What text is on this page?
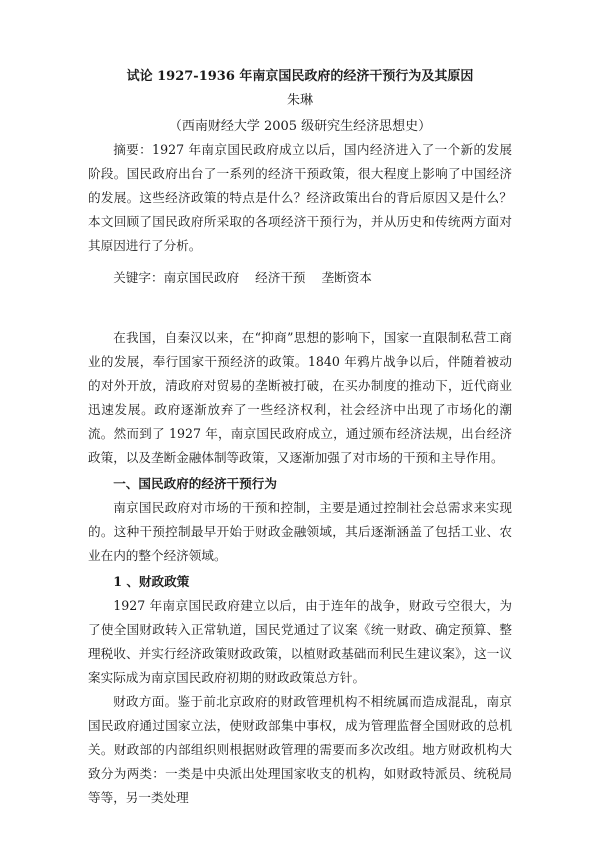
试论 1927-1936 年南京国民政府的经济干预行为及其原因
朱琳
（西南财经大学 2005 级研究生经济思想史）

摘要：1927 年南京国民政府成立以后，国内经济进入了一个新的发展阶段。国民政府出台了一系列的经济干预政策，很大程度上影响了中国经济的发展。这些经济政策的特点是什么？经济政策出台的背后原因又是什么？本文回顾了国民政府所采取的各项经济干预行为，并从历史和传统两方面对其原因进行了分析。

关键字：南京国民政府    经济干预    垄断资本

在我国，自秦汉以来，在“抑商”思想的影响下，国家一直限制私营工商业的发展，奉行国家干预经济的政策。1840 年鸦片战争以后，伴随着被动的对外开放，清政府对贸易的垄断被打破，在买办制度的推动下，近代商业迅速发展。政府逐渐放弃了一些经济权利，社会经济中出现了市场化的潮流。然而到了 1927 年，南京国民政府成立，通过颁布经济法规，出台经济政策，以及垄断金融体制等政策，又逐渐加强了对市场的干预和主导作用。

一、国民政府的经济干预行为

南京国民政府对市场的干预和控制，主要是通过控制社会总需求来实现的。这种干预控制最早开始于财政金融领域，其后逐渐涵盖了包括工业、农业在内的整个经济领域。

1 、财政政策

1927 年南京国民政府建立以后，由于连年的战争，财政亏空很大，为了使全国财政转入正常轨道，国民党通过了议案《统一财政、确定预算、整理税收、并实行经济政策财政政策，以植财政基础而利民生建议案》，这一议案实际成为南京国民政府初期的财政政策总方针。

财政方面。鉴于前北京政府的财政管理机构不相统属而造成混乱，南京国民政府通过国家立法，使财政部集中事权，成为管理监督全国财政的总机关。财政部的内部组织则根据财政管理的需要而多次改组。地方财政机构大致分为两类：一类是中央派出处理国家收支的机构，如财政特派员、统税局等等，另一类处理
